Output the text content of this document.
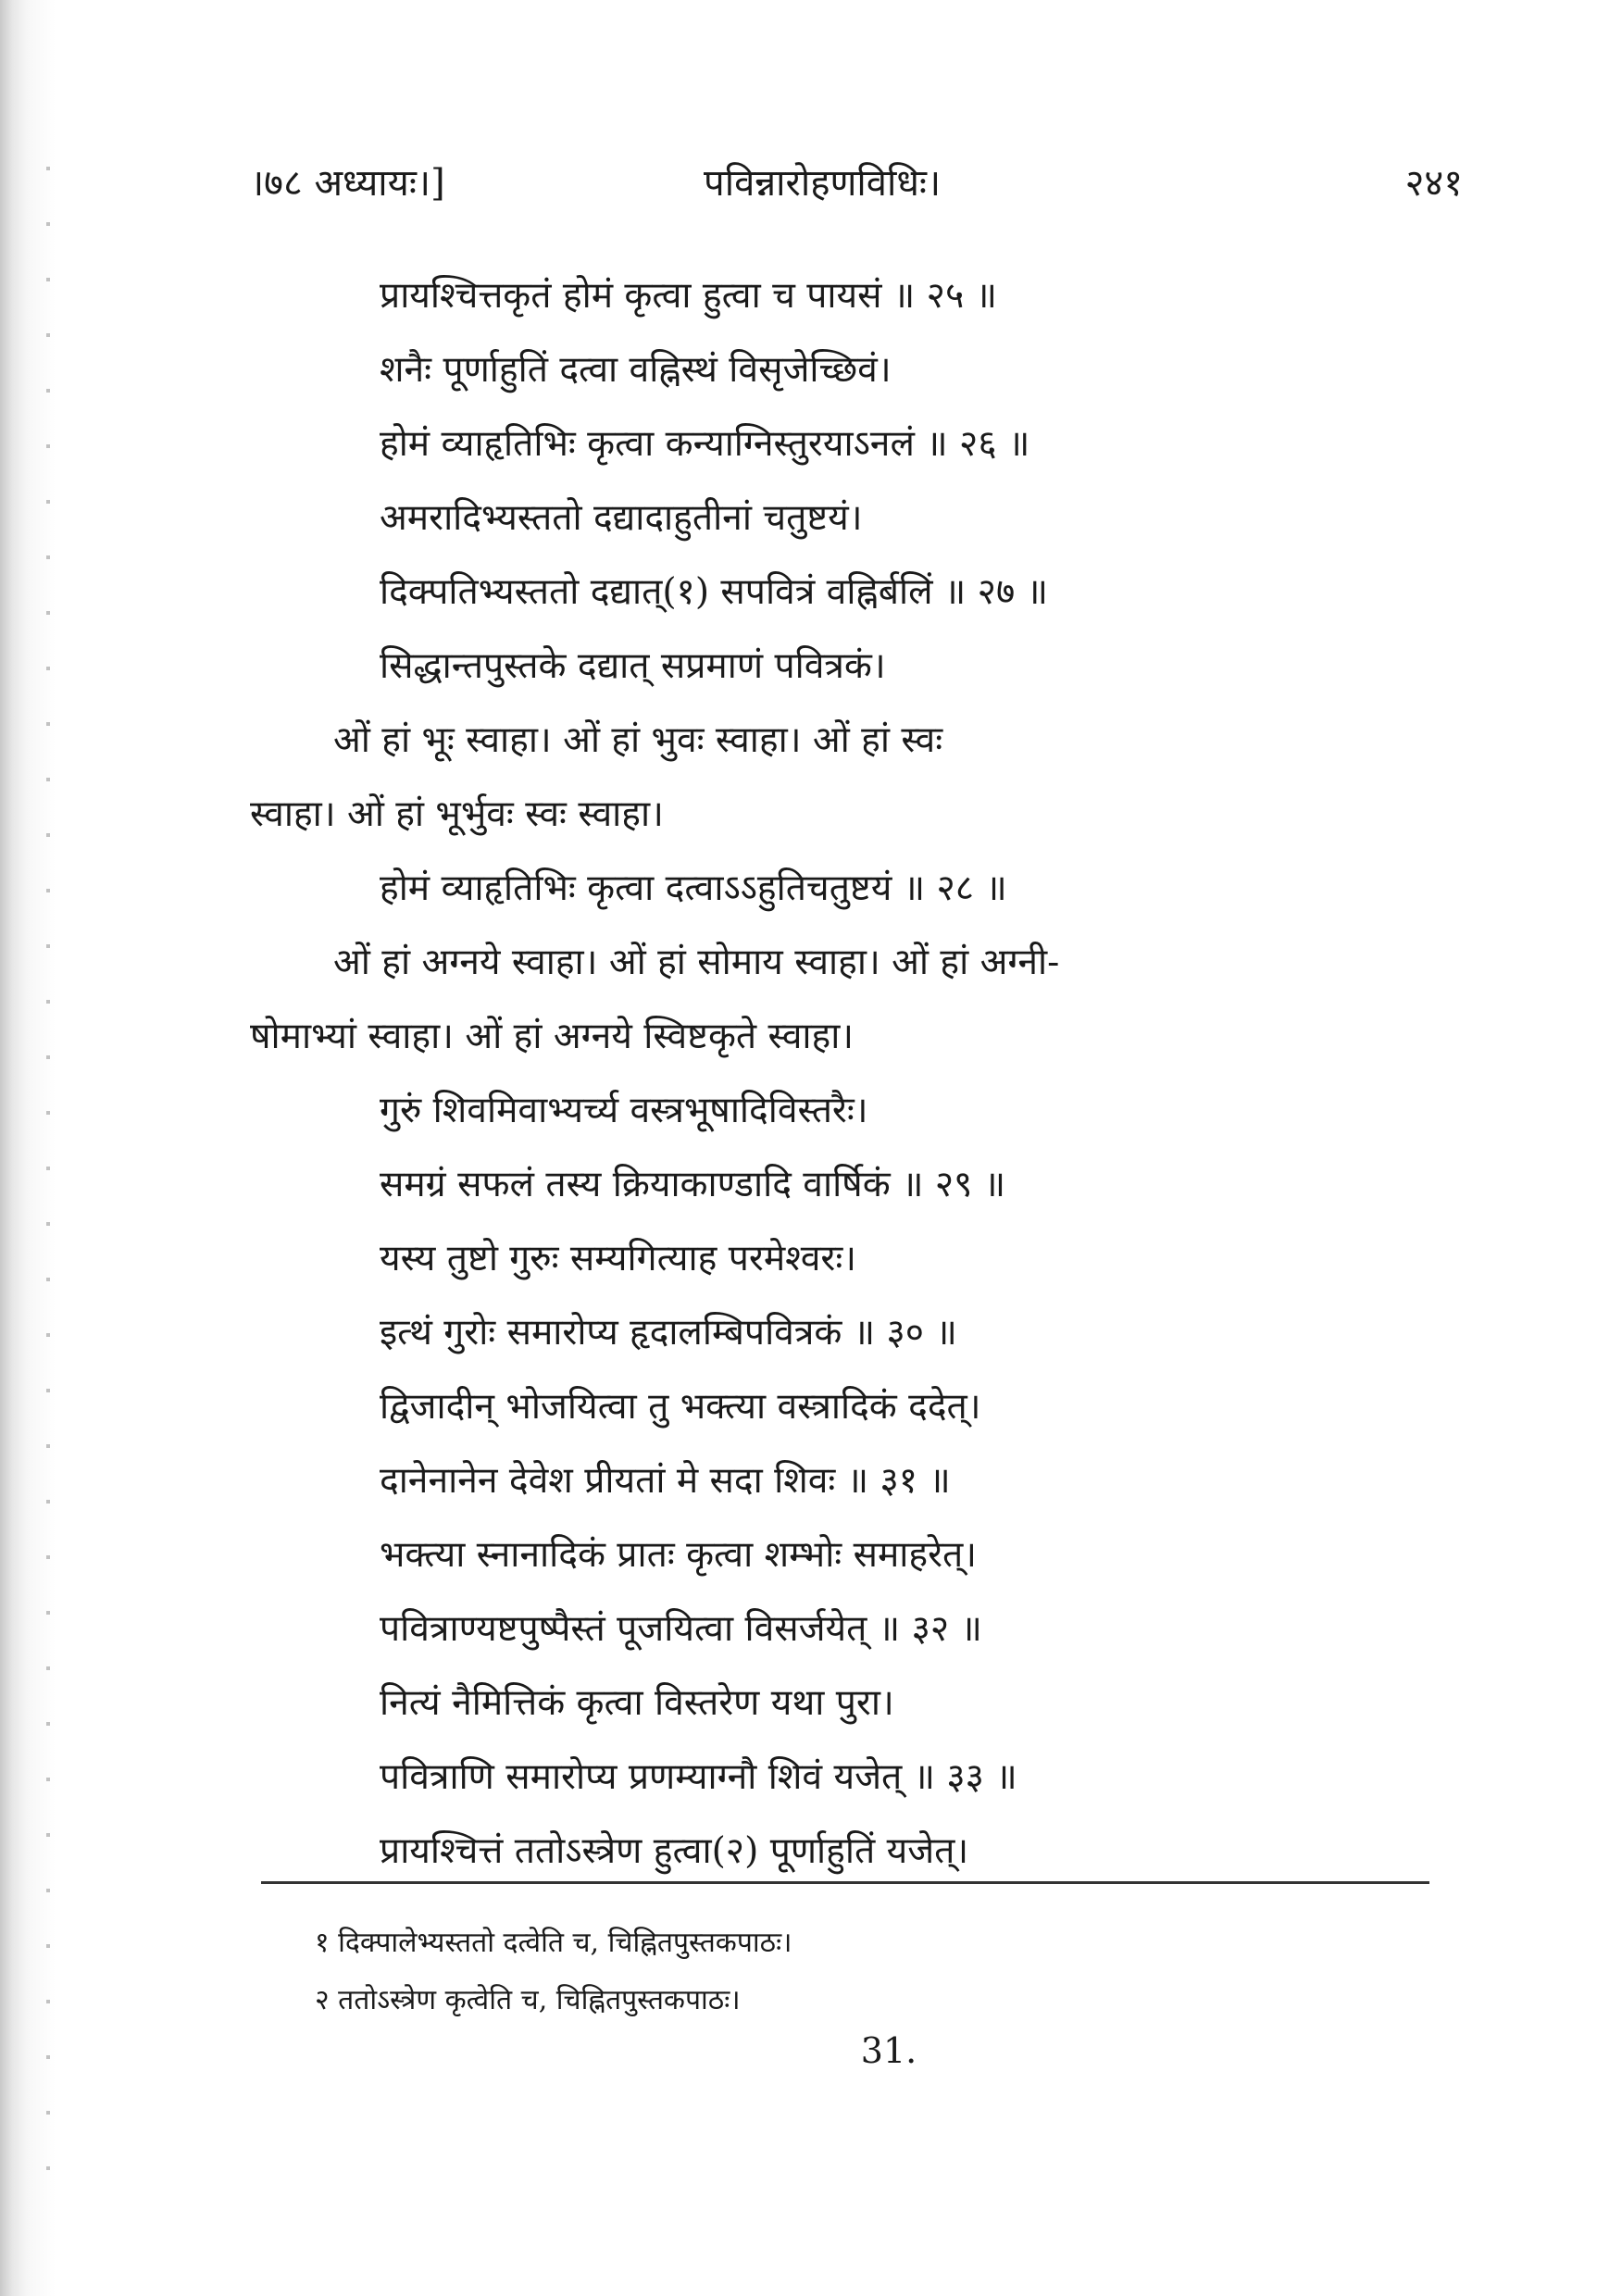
।७८ अध्यायः।]	पविन्नारोहणविधिः।	२४१
प्रायश्चित्तकृतं होमं कृत्वा हुत्वा च पायसं ॥ २५ ॥
शनैः पूर्णाहुतिं दत्वा वह्निस्थं विसृजेच्छिवं।
होमं व्याहृतिभिः कृत्वा कन्याग्निस्तुरयाऽनलं ॥ २६ ॥
अमरादिभ्यस्ततो दद्यादाहुतीनां चतुष्टयं।
दिक्पतिभ्यस्ततो दद्यात्(१) सपवित्रं वह्निर्बलिं ॥ २७ ॥
सिद्धान्तपुस्तके दद्यात् सप्रमाणं पवित्रकं।
ओं हां भूः स्वाहा। ओं हां भुवः स्वाहा। ओं हां स्वः
स्वाहा। ओं हां भूर्भुवः स्वः स्वाहा।
होमं व्याहृतिभिः कृत्वा दत्वाऽऽहुतिचतुष्टयं ॥ २८ ॥
ओं हां अग्नये स्वाहा। ओं हां सोमाय स्वाहा। ओं हां अग्नी-
षोमाभ्यां स्वाहा। ओं हां अग्नये स्विष्टकृते स्वाहा।
गुरुं शिवमिवाभ्यर्च्य वस्त्रभूषादिविस्तरैः।
समग्रं सफलं तस्य क्रियाकाण्डादि वार्षिकं ॥ २९ ॥
यस्य तुष्टो गुरुः सम्यगित्याह परमेश्वरः।
इत्थं गुरोः समारोप्य हृदालम्बिपवित्रकं ॥ ३० ॥
द्विजादीन् भोजयित्वा तु भक्त्या वस्त्रादिकं ददेत्।
दानेनानेन देवेश प्रीयतां मे सदा शिवः ॥ ३१ ॥
भक्त्या स्नानादिकं प्रातः कृत्वा शम्भोः समाहरेत्।
पवित्राण्यष्टपुष्पैस्तं पूजयित्वा विसर्जयेत् ॥ ३२ ॥
नित्यं नैमित्तिकं कृत्वा विस्तरेण यथा पुरा।
पवित्राणि समारोप्य प्रणम्याग्नौ शिवं यजेत् ॥ ३३ ॥
प्रायश्चित्तं ततोऽस्त्रेण हुत्वा(२) पूर्णाहुतिं यजेत्।
१ दिक्पालेभ्यस्ततो दत्वेति च, चिह्नितपुस्तकपाठः।
२ ततोऽस्त्रेण कृत्वेति च, चिह्नितपुस्तकपाठः।
31.
